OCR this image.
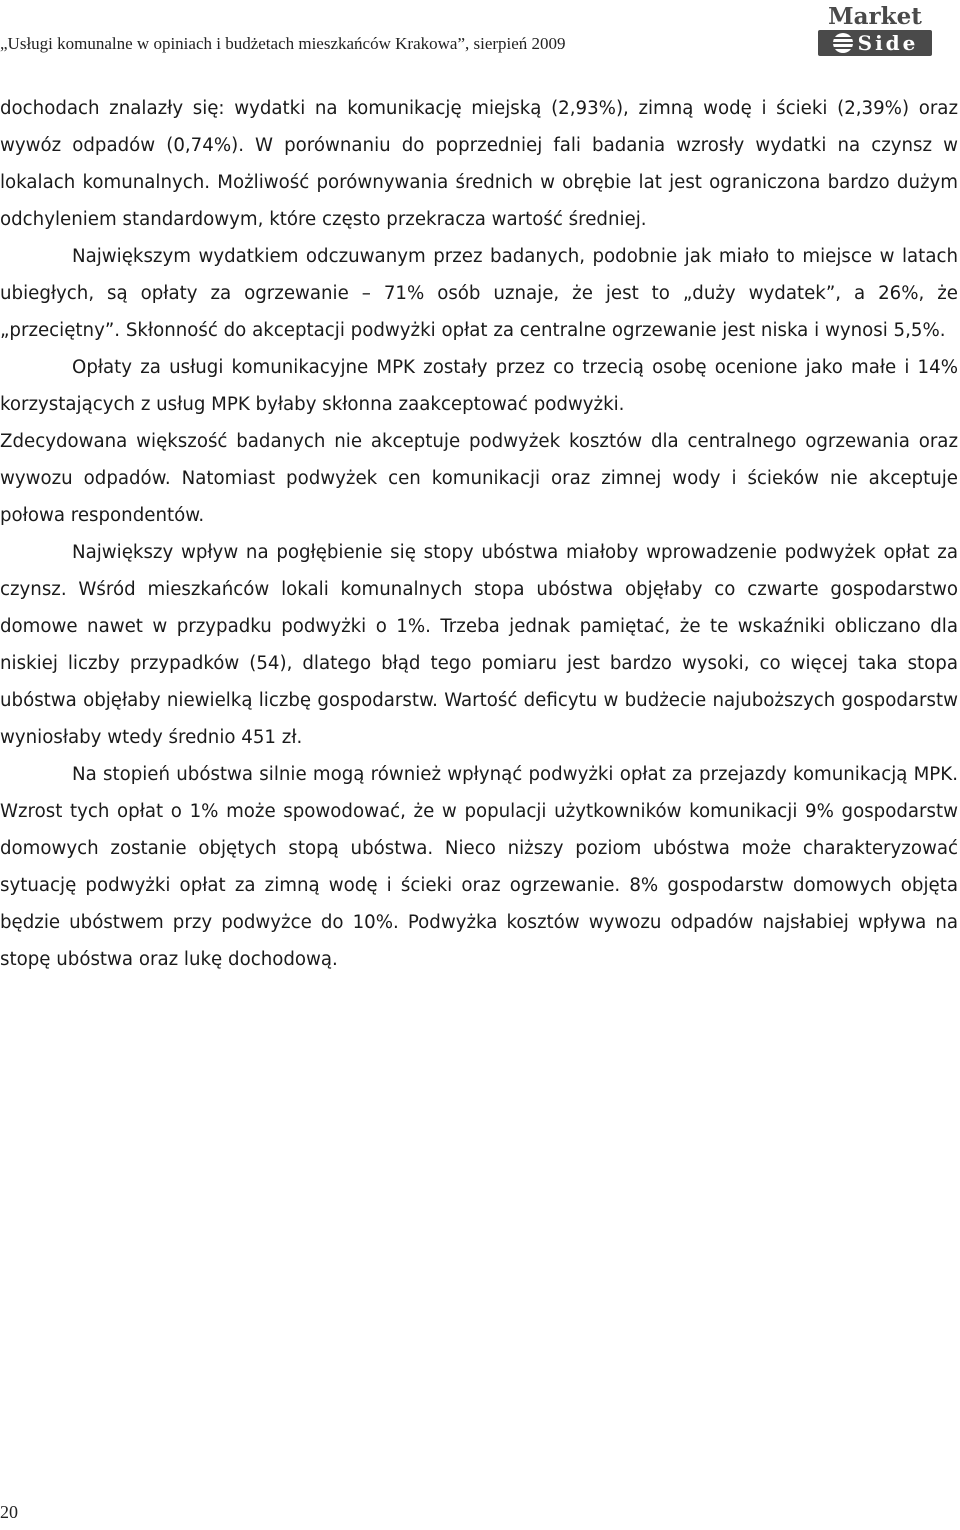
„Usługi komunalne w opiniach i budżetach mieszkańców Krakowa”, sierpień 2009
Market
Side

dochodach znalazły się: wydatki na komunikację miejską (2,93%), zimną wodę i ścieki (2,39%) oraz wywóz odpadów (0,74%). W porównaniu do poprzedniej fali badania wzrosły wydatki na czynsz w lokalach komunalnych. Możliwość porównywania średnich w obrębie lat jest ograniczona bardzo dużym odchyleniem standardowym, które często przekracza wartość średniej.

Największym wydatkiem odczuwanym przez badanych, podobnie jak miało to miejsce w latach ubiegłych, są opłaty za ogrzewanie – 71% osób uznaje, że jest to „duży wydatek”, a 26%, że „przeciętny”. Skłonność do akceptacji podwyżki opłat za centralne ogrzewanie jest niska i wynosi 5,5%.

Opłaty za usługi komunikacyjne MPK zostały przez co trzecią osobę ocenione jako małe i 14% korzystających z usług MPK byłaby skłonna zaakceptować podwyżki.

Zdecydowana większość badanych nie akceptuje podwyżek kosztów dla centralnego ogrzewania oraz wywozu odpadów. Natomiast podwyżek cen komunikacji oraz zimnej wody i ścieków nie akceptuje połowa respondentów.

Największy wpływ na pogłębienie się stopy ubóstwa miałoby wprowadzenie podwyżek opłat za czynsz. Wśród mieszkańców lokali komunalnych stopa ubóstwa objęłaby co czwarte gospodarstwo domowe nawet w przypadku podwyżki o 1%. Trzeba jednak pamiętać, że te wskaźniki obliczano dla niskiej liczby przypadków (54), dlatego błąd tego pomiaru jest bardzo wysoki, co więcej taka stopa ubóstwa objęłaby niewielką liczbę gospodarstw. Wartość deficytu w budżecie najuboższych gospodarstw wyniosłaby wtedy średnio 451 zł.

Na stopień ubóstwa silnie mogą również wpłynąć podwyżki opłat za przejazdy komunikacją MPK. Wzrost tych opłat o 1% może spowodować, że w populacji użytkowników komunikacji 9% gospodarstw domowych zostanie objętych stopą ubóstwa. Nieco niższy poziom ubóstwa może charakteryzować sytuację podwyżki opłat za zimną wodę i ścieki oraz ogrzewanie. 8% gospodarstw domowych objęta będzie ubóstwem przy podwyżce do 10%. Podwyżka kosztów wywozu odpadów najsłabiej wpływa na stopę ubóstwa oraz lukę dochodową.

20
